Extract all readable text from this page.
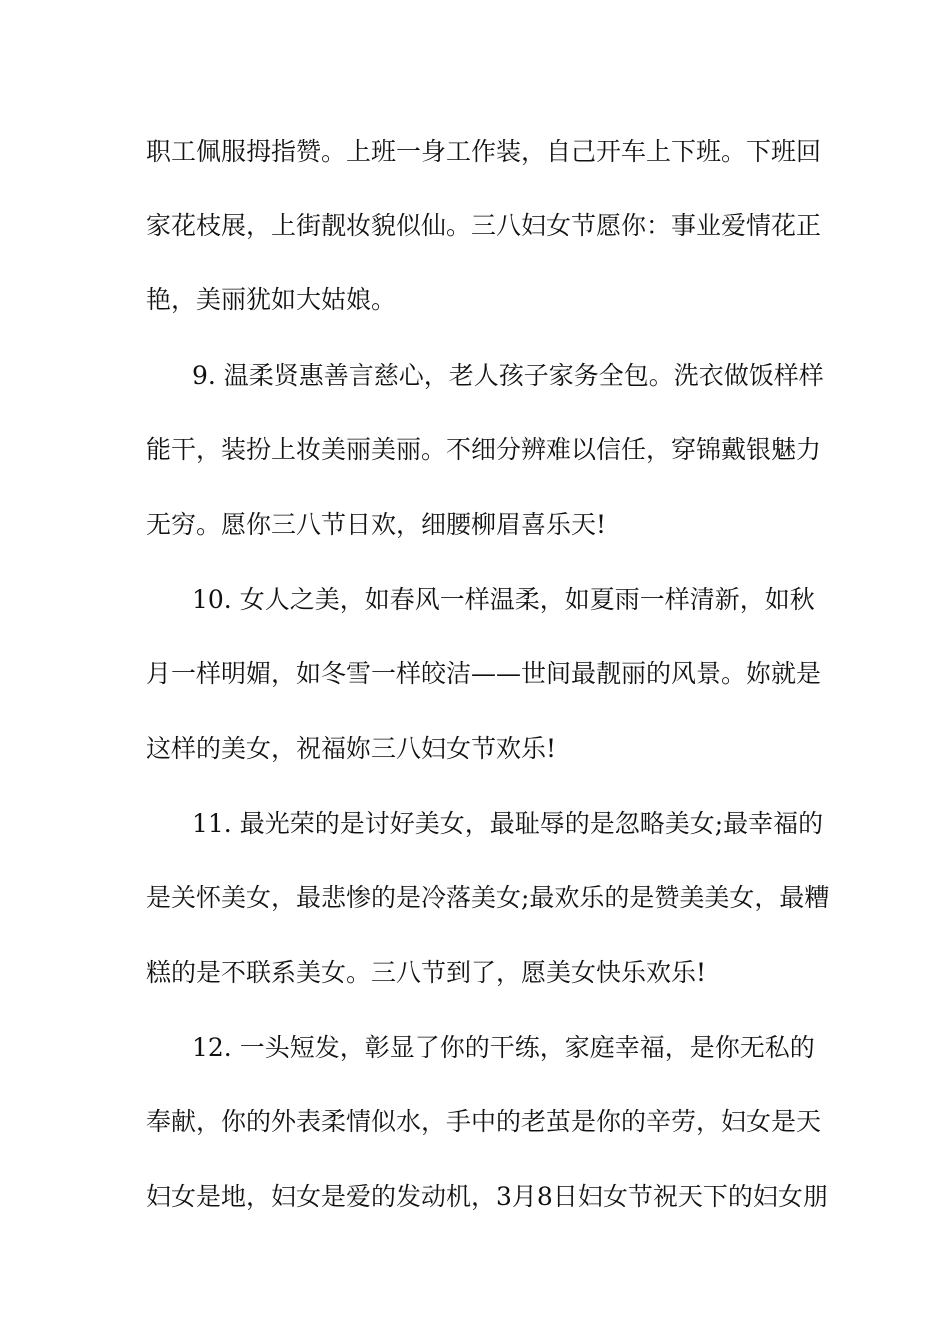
职工佩服拇指赞。上班一身工作装，自己开车上下班。下班回
家花枝展，上街靓妆貌似仙。三八妇女节愿你：事业爱情花正
艳，美丽犹如大姑娘。
9. 温柔贤惠善言慈心，老人孩子家务全包。洗衣做饭样样
能干，装扮上妆美丽美丽。不细分辨难以信任，穿锦戴银魅力
无穷。愿你三八节日欢，细腰柳眉喜乐天!
10. 女人之美，如春风一样温柔，如夏雨一样清新，如秋
月一样明媚，如冬雪一样皎洁——世间最靓丽的风景。妳就是
这样的美女，祝福妳三八妇女节欢乐!
11. 最光荣的是讨好美女，最耻辱的是忽略美女;最幸福的
是关怀美女，最悲惨的是冷落美女;最欢乐的是赞美美女，最糟
糕的是不联系美女。三八节到了，愿美女快乐欢乐!
12. 一头短发，彰显了你的干练，家庭幸福，是你无私的
奉献，你的外表柔情似水，手中的老茧是你的辛劳，妇女是天
妇女是地，妇女是爱的发动机，3月8日妇女节祝天下的妇女朋
